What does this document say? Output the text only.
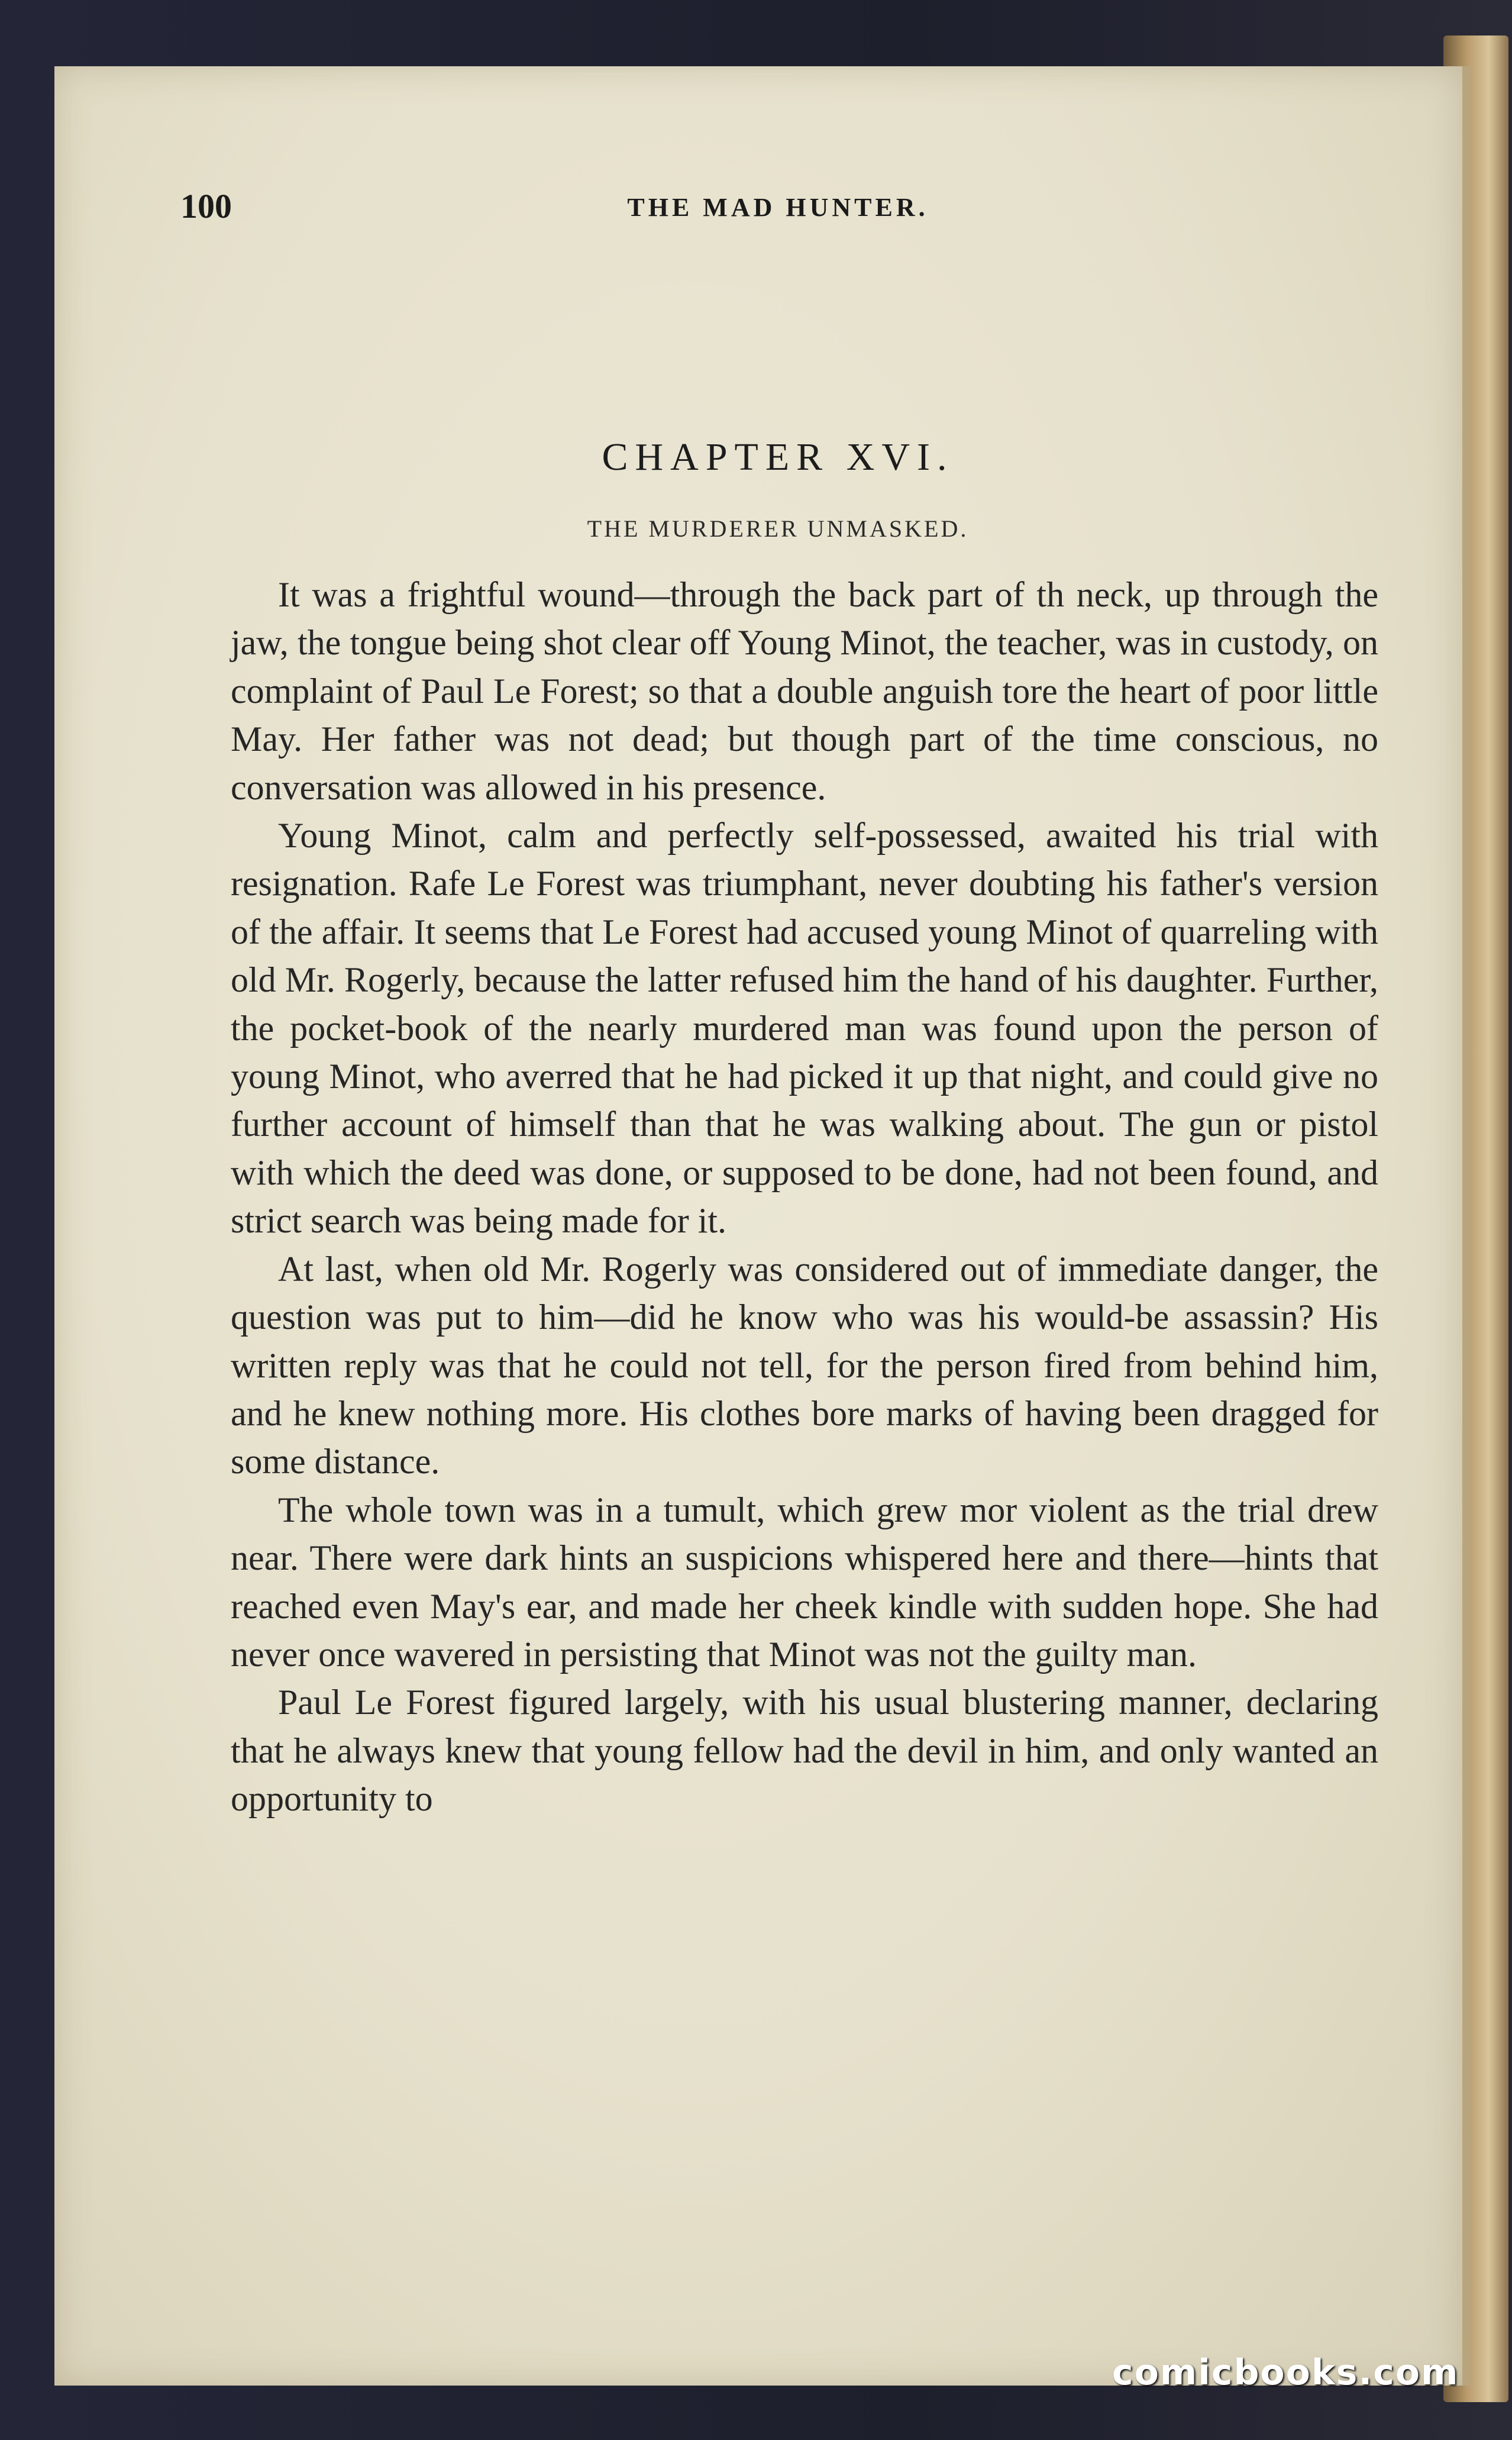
100	THE MAD HUNTER.
CHAPTER XVI.
THE MURDERER UNMASKED.

It was a frightful wound—through the back part of th neck, up through the jaw, the tongue being shot clear off Young Minot, the teacher, was in custody, on complaint of Paul Le Forest; so that a double anguish tore the heart of poor little May. Her father was not dead; but though part of the time conscious, no conversation was allowed in his presence.

Young Minot, calm and perfectly self-possessed, awaited his trial with resignation. Rafe Le Forest was triumphant, never doubting his father's version of the affair. It seems that Le Forest had accused young Minot of quarreling with old Mr. Rogerly, because the latter refused him the hand of his daughter. Further, the pocket-book of the nearly murdered man was found upon the person of young Minot, who averred that he had picked it up that night, and could give no further account of himself than that he was walking about. The gun or pistol with which the deed was done, or supposed to be done, had not been found, and strict search was being made for it.

At last, when old Mr. Rogerly was considered out of immediate danger, the question was put to him—did he know who was his would-be assassin? His written reply was that he could not tell, for the person fired from behind him, and he knew nothing more. His clothes bore marks of having been dragged for some distance.

The whole town was in a tumult, which grew mor violent as the trial drew near. There were dark hints an suspicions whispered here and there—hints that reached even May's ear, and made her cheek kindle with sudden hope. She had never once wavered in persisting that Minot was not the guilty man.

Paul Le Forest figured largely, with his usual blustering manner, declaring that he always knew that young fellow had the devil in him, and only wanted an opportunity to

comicbooks.com
